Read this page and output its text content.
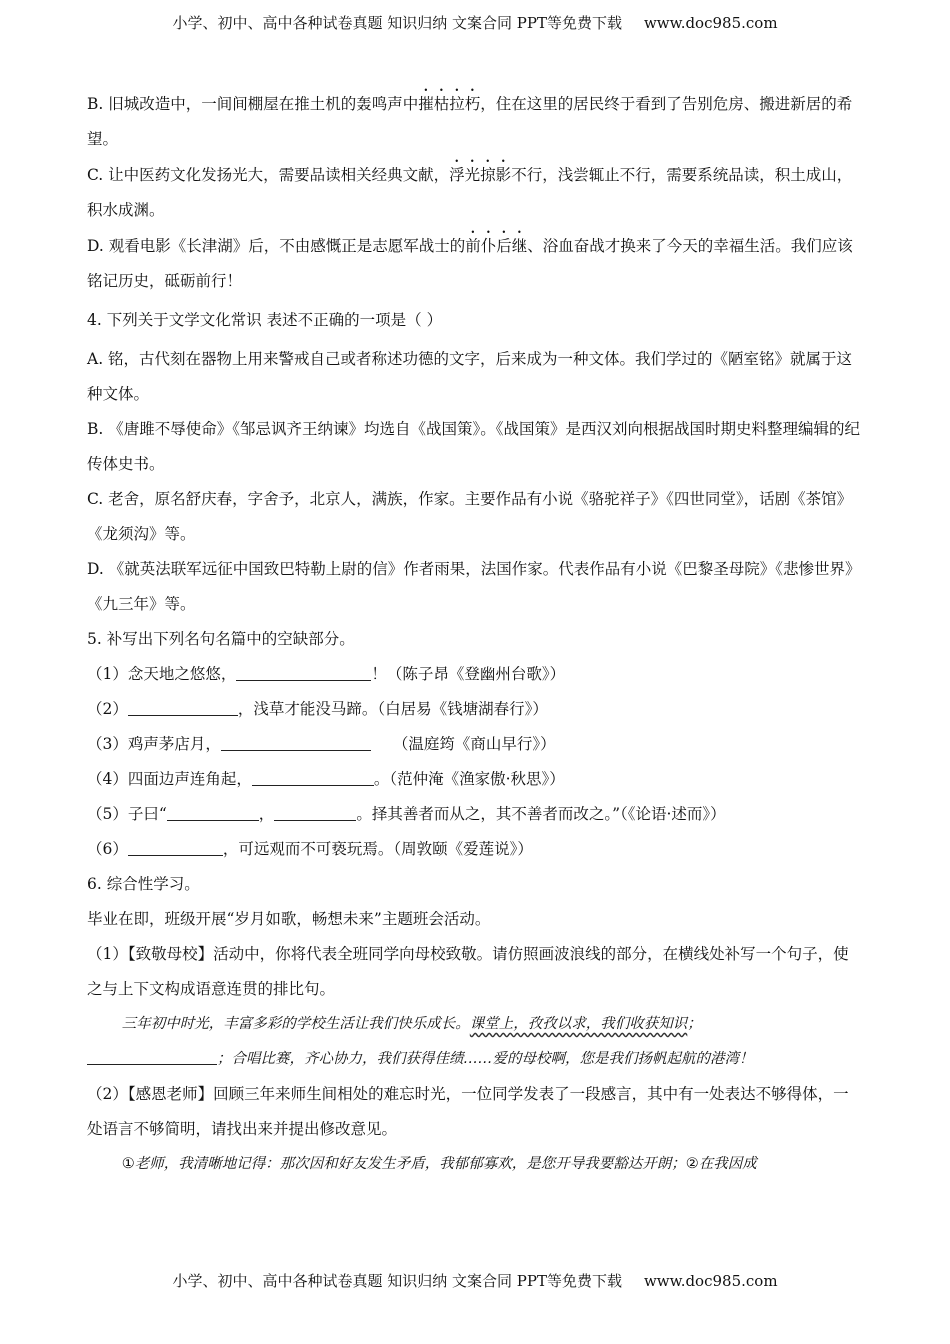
小学、初中、高中各种试卷真题 知识归纳 文案合同 PPT等免费下载 www.doc985.com

B. 旧城改造中，一间间棚屋在推土机的轰鸣声中摧枯拉朽，住在这里的居民终于看到了告别危房、搬进新居的希望。

C. 让中医药文化发扬光大，需要品读相关经典文献，浮光掠影不行，浅尝辄止不行，需要系统品读，积土成山，积水成渊。

D. 观看电影《长津湖》后，不由感慨正是志愿军战士的前仆后继、浴血奋战才换来了今天的幸福生活。我们应该铭记历史，砥砺前行！

4. 下列关于文学文化常识 表述不正确的一项是（ ）

A. 铭，古代刻在器物上用来警戒自己或者称述功德的文字，后来成为一种文体。我们学过的《陋室铭》就属于这种文体。

B. 《唐雎不辱使命》《邹忌讽齐王纳谏》均选自《战国策》。《战国策》是西汉刘向根据战国时期史料整理编辑的纪传体史书。

C. 老舍，原名舒庆春，字舍予，北京人，满族，作家。主要作品有小说《骆驼祥子》《四世同堂》，话剧《茶馆》《龙须沟》等。

D. 《就英法联军远征中国致巴特勒上尉的信》作者雨果，法国作家。代表作品有小说《巴黎圣母院》《悲惨世界》《九三年》等。

5. 补写出下列名句名篇中的空缺部分。

（1）念天地之悠悠，	！（陈子昂《登幽州台歌》）

（2）	，浅草才能没马蹄。（白居易《钱塘湖春行》）

（3）鸡声茅店月，	（温庭筠《商山早行》）

（4）四面边声连角起，	。（范仲淹《渔家傲·秋思》）

（5）子曰“	，	。择其善者而从之，其不善者而改之。”（《论语·述而》）

（6）	，可远观而不可亵玩焉。（周敦颐《爱莲说》）

6. 综合性学习。

毕业在即，班级开展“岁月如歌，畅想未来”主题班会活动。

（1）【致敬母校】活动中，你将代表全班同学向母校致敬。请仿照画波浪线的部分，在横线处补写一个句子，使之与上下文构成语意连贯的排比句。

三年初中时光，丰富多彩的学校生活让我们快乐成长。课堂上，孜孜以求，我们收获知识；

；合唱比赛，齐心协力，我们获得佳绩……爱的母校啊，您是我们扬帆起航的港湾！

（2）【感恩老师】回顾三年来师生间相处的难忘时光，一位同学发表了一段感言，其中有一处表达不够得体，一处语言不够简明，请找出来并提出修改意见。

①老师，我清晰地记得：那次因和好友发生矛盾，我郁郁寡欢，是您开导我要豁达开朗；②在我因成

小学、初中、高中各种试卷真题 知识归纳 文案合同 PPT等免费下载 www.doc985.com
